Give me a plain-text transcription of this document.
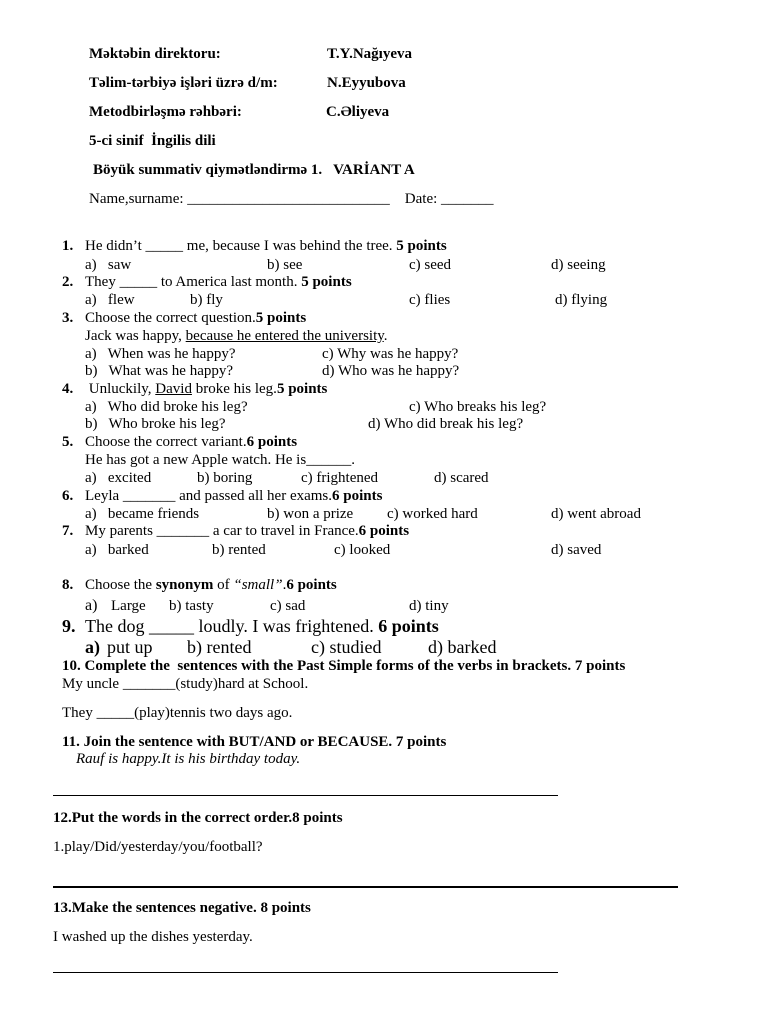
Məktəbin direktoru:	T.Y.Nağıyeva
Təlim-tərbiyə işləri üzrə d/m:	N.Eyyubova
Metodbirləşmə rəhbəri:	C.Əliyeva
5-ci sinif  İngilis dili
Böyük summativ qiymətləndirmə 1.   VARİANT A
Name,surname: ___________________________    Date: _______
1. He didn’t _____ me, because I was behind the tree. 5 points
a)   saw	b) see	c) seed	d) seeing
2. They _____ to America last month. 5 points
a)   flew	b) fly	c) flies	d) flying
3. Choose the correct question.5 points
Jack was happy, because he entered the university.
a)   When was he happy?	c) Why was he happy?
b)   What was he happy?	d) Who was he happy?
4. Unluckily, David broke his leg.5 points
a)   Who did broke his leg?	c) Who breaks his leg?
b)   Who broke his leg?	d) Who did break his leg?
5. Choose the correct variant.6 points
He has got a new Apple watch. He is______.
a)   excited	b) boring	c) frightened	d) scared
6. Leyla _______ and passed all her exams.6 points
a)   became friends	b) won a prize c) worked hard	d) went abroad
7. My parents _______ a car to travel in France.6 points
a)   barked	b) rented	c) looked	d) saved
8. Choose the synonym of “small”.6 points
a) Large b) tasty	c) sad	d) tiny
9. The dog _____ loudly. I was frightened. 6 points
a) put up b) rented	c) studied	d) barked
10. Complete the  sentences with the Past Simple forms of the verbs in brackets. 7 points
My uncle _______(study)hard at School.
They _____(play)tennis two days ago.
11. Join the sentence with BUT/AND or BECAUSE. 7 points
Rauf is happy.It is his birthday today.
12.Put the words in the correct order.8 points
1.play/Did/yesterday/you/football?
13.Make the sentences negative. 8 points
I washed up the dishes yesterday.
